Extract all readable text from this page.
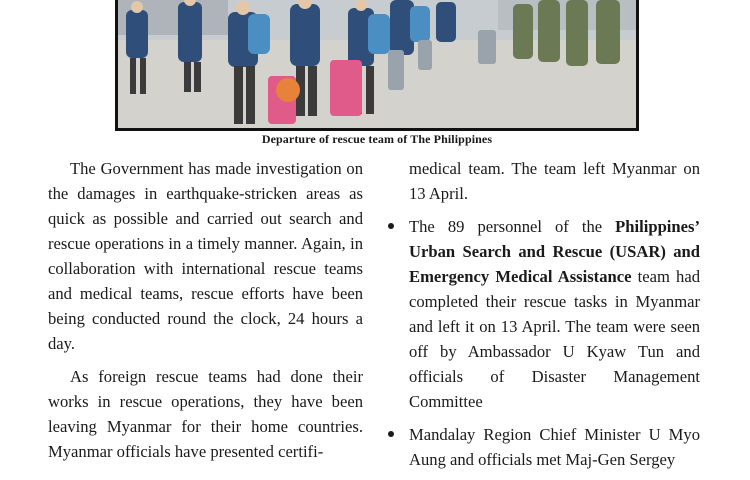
Departure of rescue team of The Philippines

The Government has made investigation on the damages in earthquake-stricken areas as quick as possible and carried out search and rescue operations in a timely manner. Again, in collaboration with international rescue teams and medical teams, rescue efforts have been being conducted round the clock, 24 hours a day.

As foreign rescue teams had done their works in rescue operations, they have been leaving Myanmar for their home countries. Myanmar officials have presented certifi-

medical team. The team left Myanmar on 13 April.

The 89 personnel of the Philippines’ Urban Search and Rescue (USAR) and Emergency Medical Assistance team had completed their rescue tasks in Myanmar and left it on 13 April. The team were seen off by Ambassador U Kyaw Tun and officials of Disaster Management Committee
Mandalay Region Chief Minister U Myo Aung and officials met Maj-Gen Sergey
